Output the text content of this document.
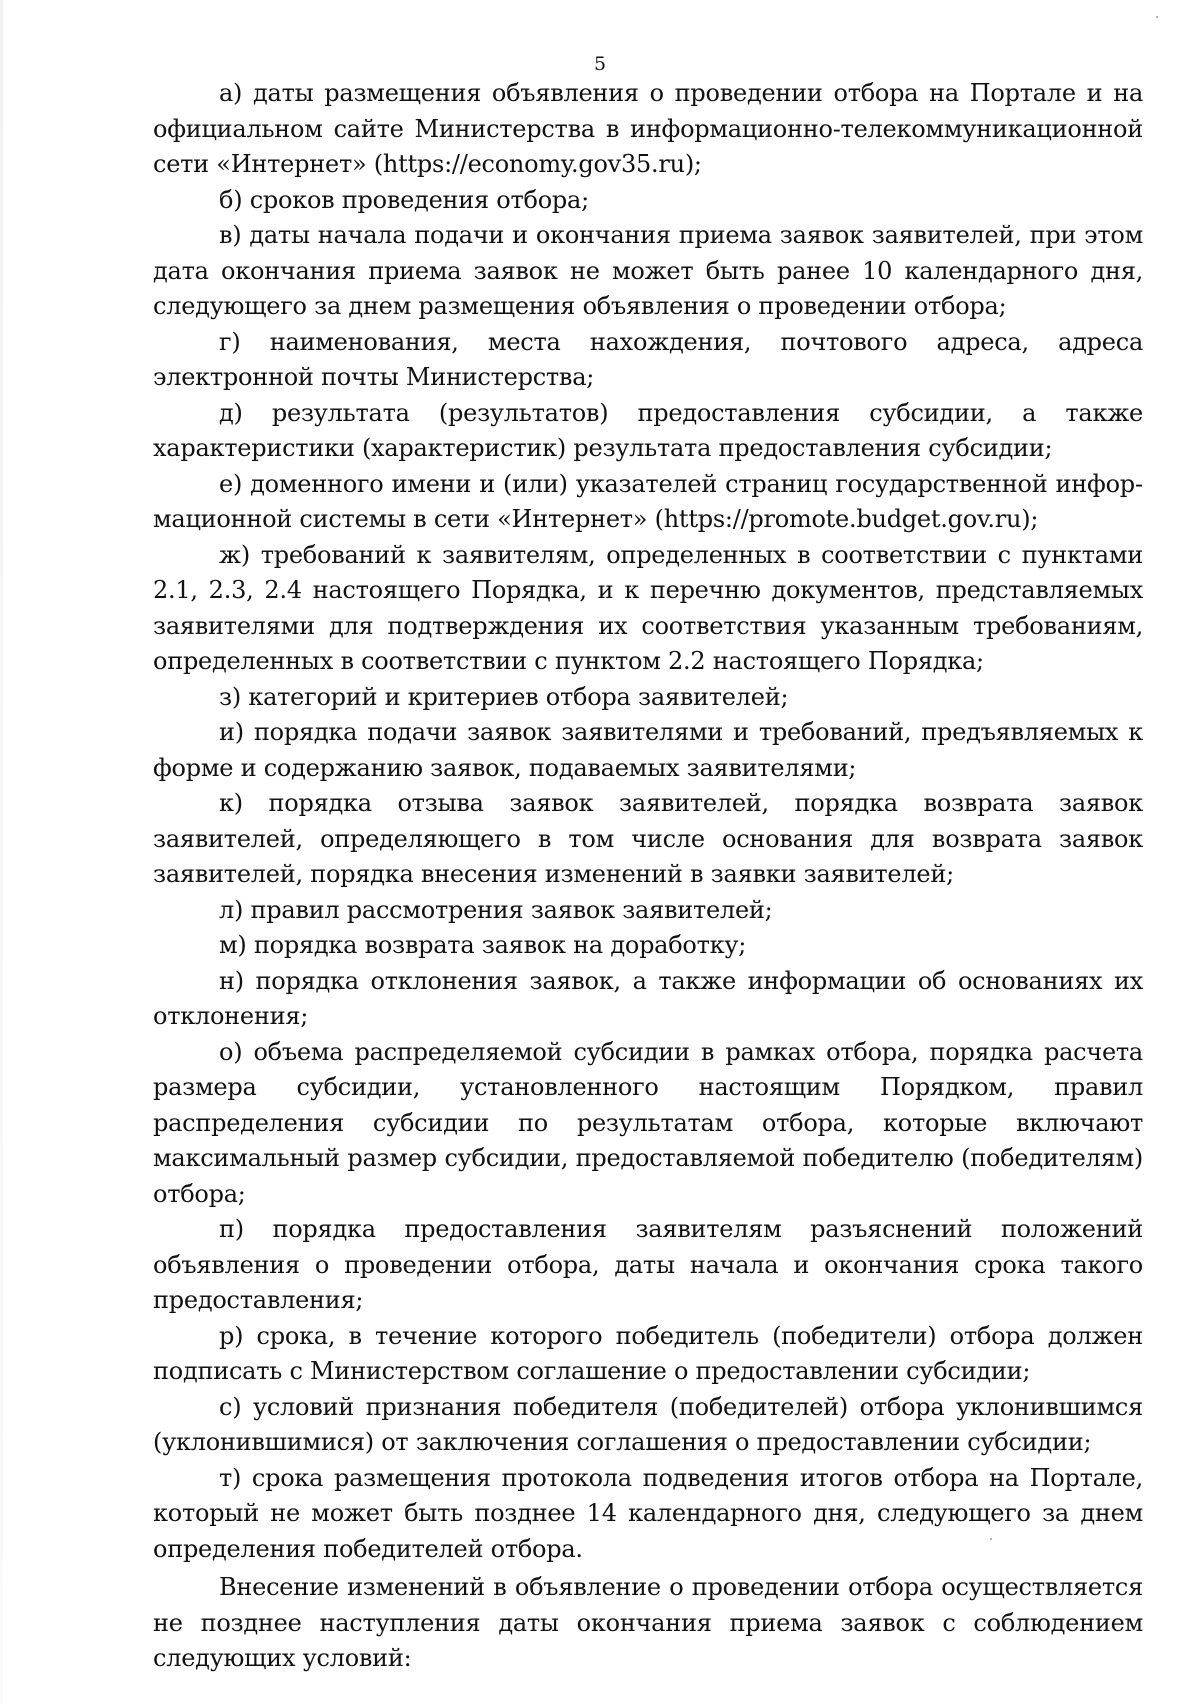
5

а) даты размещения объявления о проведении отбора на Портале и на официальном сайте Министерства в информационно-телекоммуникационной сети «Интернет» (https://economy.gov35.ru);

б) сроков проведения отбора;

в) даты начала подачи и окончания приема заявок заявителей, при этом дата окончания приема заявок не может быть ранее 10 календарного дня, следующего за днем размещения объявления о проведении отбора;

г) наименования, места нахождения, почтового адреса, адреса электронной почты Министерства;

д) результата (результатов) предоставления субсидии, а также характеристики (характеристик) результата предоставления субсидии;

е) доменного имени и (или) указателей страниц государственной информационной системы в сети «Интернет» (https://promote.budget.gov.ru);

ж) требований к заявителям, определенных в соответствии с пунктами 2.1, 2.3, 2.4 настоящего Порядка, и к перечню документов, представляемых заявителями для подтверждения их соответствия указанным требованиям, определенных в соответствии с пунктом 2.2 настоящего Порядка;

з) категорий и критериев отбора заявителей;

и) порядка подачи заявок заявителями и требований, предъявляемых к форме и содержанию заявок, подаваемых заявителями;

к) порядка отзыва заявок заявителей, порядка возврата заявок заявителей, определяющего в том числе основания для возврата заявок заявителей, порядка внесения изменений в заявки заявителей;

л) правил рассмотрения заявок заявителей;

м) порядка возврата заявок на доработку;

н) порядка отклонения заявок, а также информации об основаниях их отклонения;

о) объема распределяемой субсидии в рамках отбора, порядка расчета размера субсидии, установленного настоящим Порядком, правил распределения субсидии по результатам отбора, которые включают максимальный размер субсидии, предоставляемой победителю (победителям) отбора;

п) порядка предоставления заявителям разъяснений положений объявления о проведении отбора, даты начала и окончания срока такого предоставления;

р) срока, в течение которого победитель (победители) отбора должен подписать с Министерством соглашение о предоставлении субсидии;

с) условий признания победителя (победителей) отбора уклонившимся (уклонившимися) от заключения соглашения о предоставлении субсидии;

т) срока размещения протокола подведения итогов отбора на Портале, который не может быть позднее 14 календарного дня, следующего за днем определения победителей отбора.

Внесение изменений в объявление о проведении отбора осуществляется не позднее наступления даты окончания приема заявок с соблюдением следующих условий:
